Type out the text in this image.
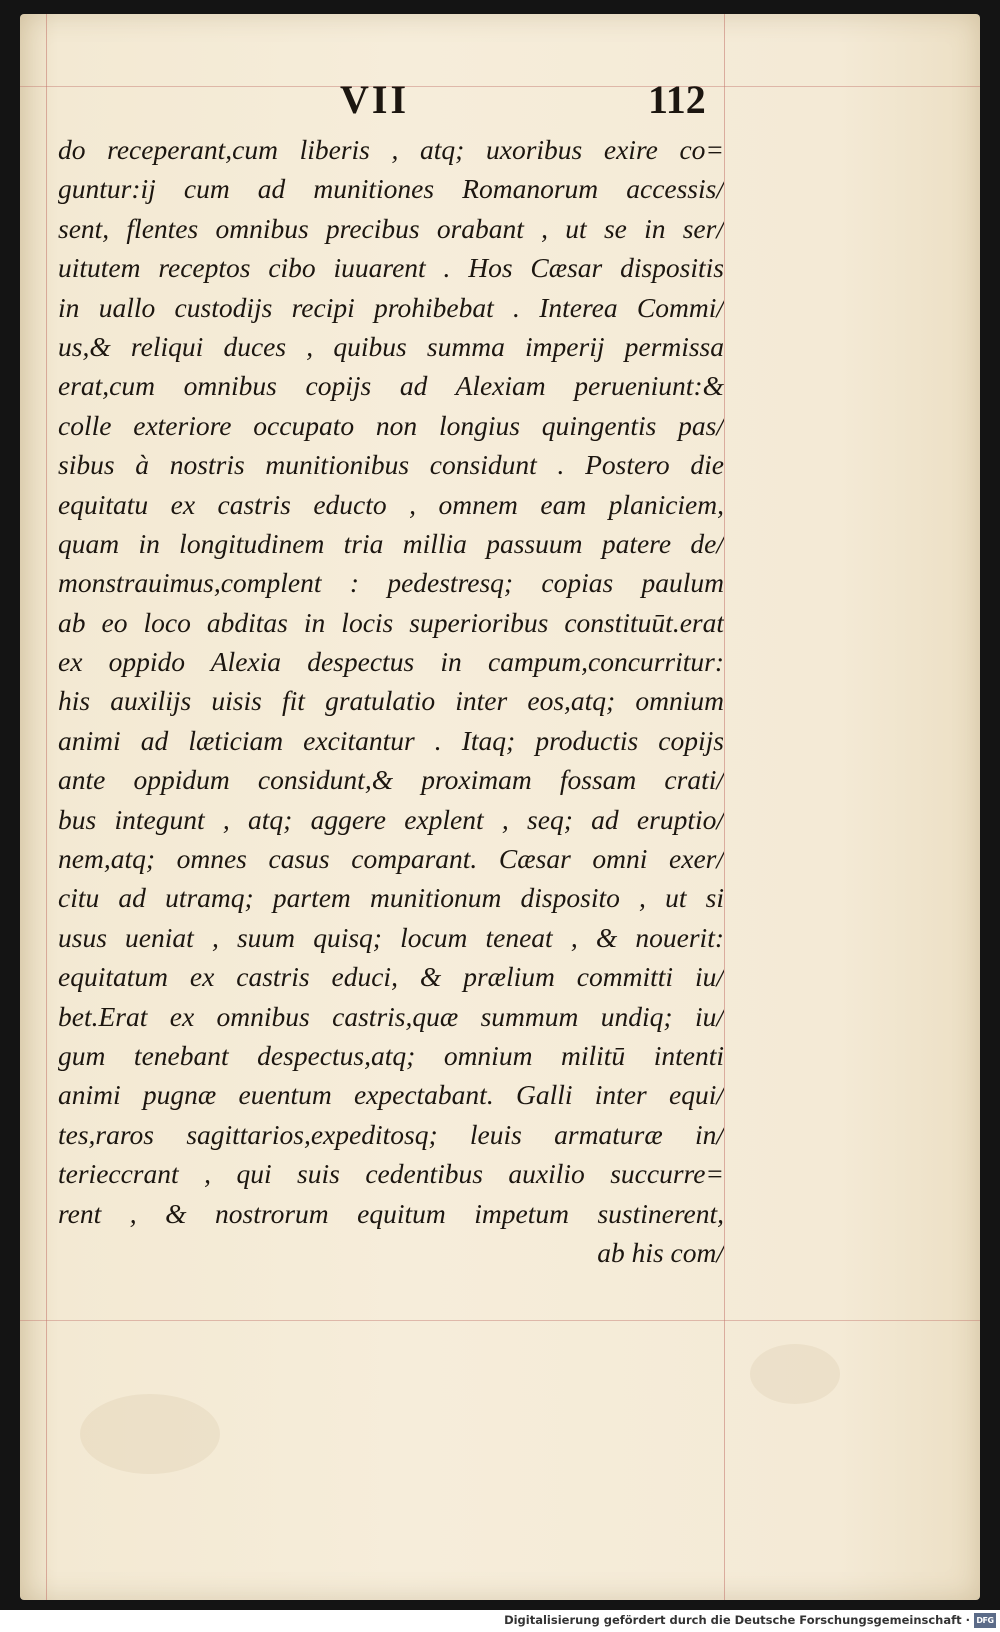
VII	112
do receperant,cum liberis , atq; uxoribus exire co=
guntur:ij cum ad munitiones Romanorum accessis/
sent, flentes omnibus precibus orabant , ut se in ser/
uitutem receptos cibo iuuarent . Hos Cæsar dispositis
in uallo custodijs recipi prohibebat . Interea Commi/
us,& reliqui duces , quibus summa imperij permissa
erat,cum omnibus copijs ad Alexiam perueniunt:&
colle exteriore occupato non longius quingentis pas/
sibus à nostris munitionibus considunt . Postero die
equitatu ex castris educto , omnem eam planiciem,
quam in longitudinem tria millia passuum patere de/
monstrauimus,complent : pedestresq; copias paulum
ab eo loco abditas in locis superioribus constituūt.erat
ex oppido Alexia despectus in campum,concurritur:
his auxilijs uisis fit gratulatio inter eos,atq; omnium
animi ad læticiam excitantur . Itaq; productis copijs
ante oppidum considunt,& proximam fossam crati/
bus integunt , atq; aggere explent , seq; ad eruptio/
nem,atq; omnes casus comparant. Cæsar omni exer/
citu ad utramq; partem munitionum disposito , ut si
usus ueniat , suum quisq; locum teneat , & nouerit:
equitatum ex castris educi, & prælium committi iu/
bet.Erat ex omnibus castris,quæ summum undiq; iu/
gum tenebant despectus,atq; omnium militū intenti
animi pugnæ euentum expectabant. Galli inter equi/
tes,raros sagittarios,expeditosq; leuis armaturæ in/
terieccrant , qui suis cedentibus auxilio succurre=
rent , & nostrorum equitum impetum sustinerent,
ab his com/
Digitalisierung gefördert durch die Deutsche Forschungsgemeinschaft · DFG
